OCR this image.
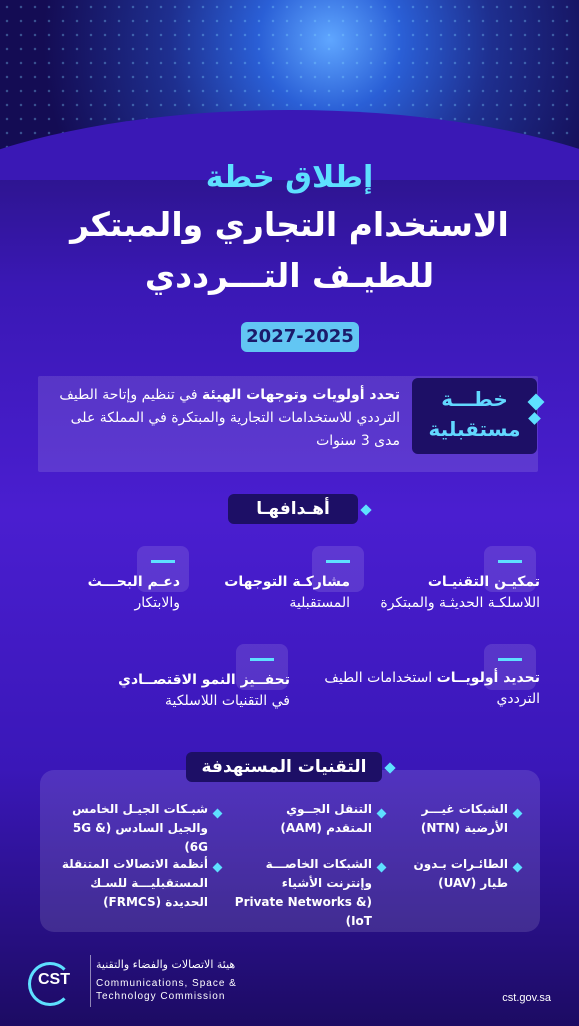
إطلاق خطة
الاستخدام التجاري والمبتكر
للطيـف التـــرددي
2027-2025
خطـــة مستقبلية
تحدد أولويات وتوجهات الهيئة في تنظيم وإتاحة الطيف الترددي للاستخدامات التجارية والمبتكرة في المملكة على مدى 3 سنوات
أهـدافهـا
تمكيـن التقنيـات
اللاسلكـة الحديثـة والمبتكرة
مشاركـة التوجهات
المستقبلية
دعـم البحـــث
والابتكار
تحديد أولويــات استخدامات الطيف الترددي
تحفــيز النمو الاقتصــادي
في التقنيات اللاسلكية
التقنيات المستهدفة
الشبكات غيـــر الأرضية (NTN)
التنقل الجــوي المتقدم (AAM)
شبـكات الجيـل الخامس والجيل السادس (5G & 6G)
الطائـرات بـدون طيار (UAV)
الشبكات الخاصـــة وإنترنت الأشياء (Private Networks & IoT)
أنظمة الاتصالات المتنقلة المستقبليـــة للسـك الحديدة (FRMCS)
CST
هيئة الاتصالات والفضاء والتقنية
Communications, Space &
Technology Commission	cst.gov.sa
